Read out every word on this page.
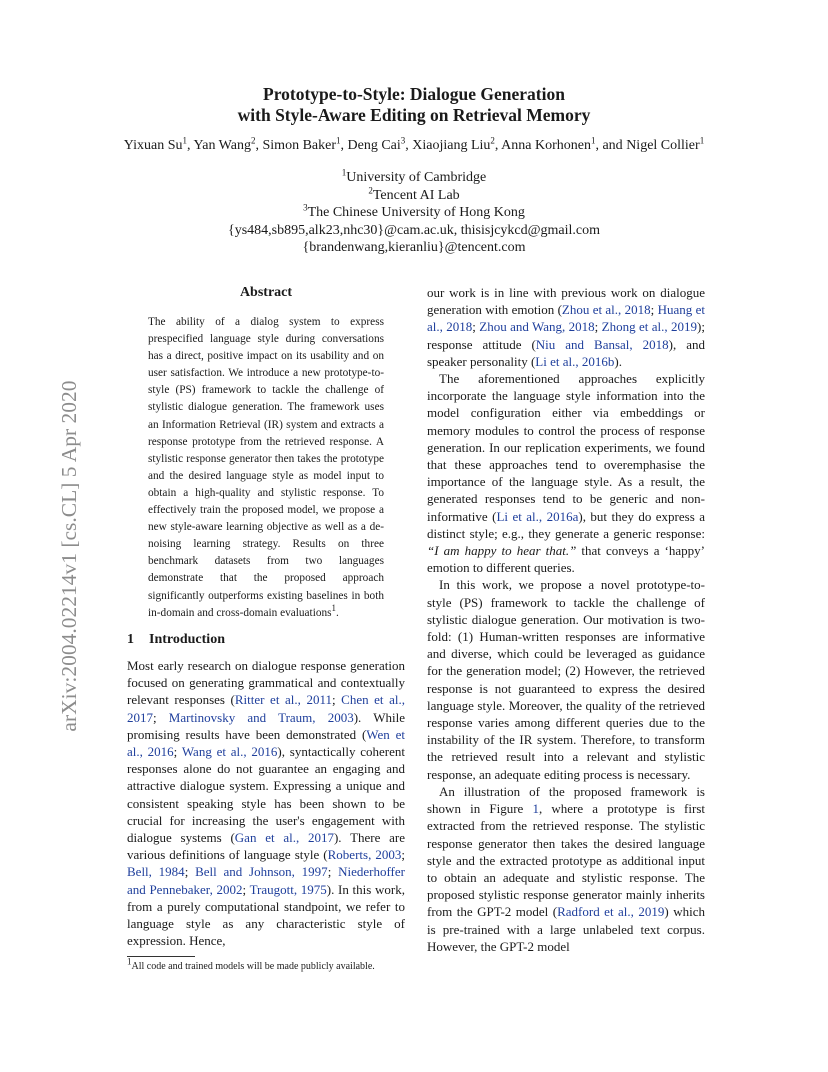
Prototype-to-Style: Dialogue Generation
with Style-Aware Editing on Retrieval Memory
Yixuan Su$^1$, Yan Wang$^2$, Simon Baker$^1$, Deng Cai$^3$, Xiaojiang Liu$^2$, Anna Korhonen$^1$, and Nigel Collier$^1$
$^1$University of Cambridge
$^2$Tencent AI Lab
$^3$The Chinese University of Hong Kong
{ys484,sb895,alk23,nhc30}@cam.ac.uk, thisisjcykcd@gmail.com
{brandenwang,kieranliu}@tencent.com
arXiv:2004.02214v1 [cs.CL] 5 Apr 2020
Abstract
The ability of a dialog system to express prespecified language style during conversations has a direct, positive impact on its usability and on user satisfaction. We introduce a new prototype-to-style (PS) framework to tackle the challenge of stylistic dialogue generation. The framework uses an Information Retrieval (IR) system and extracts a response prototype from the retrieved response. A stylistic response generator then takes the prototype and the desired language style as model input to obtain a high-quality and stylistic response. To effectively train the proposed model, we propose a new style-aware learning objective as well as a de-noising learning strategy. Results on three benchmark datasets from two languages demonstrate that the proposed approach significantly outperforms existing baselines in both in-domain and cross-domain evaluations$^1$.
1 Introduction

Most early research on dialogue response generation focused on generating grammatical and contextually relevant responses (Ritter et al., 2011; Chen et al., 2017; Martinovsky and Traum, 2003). While promising results have been demonstrated (Wen et al., 2016; Wang et al., 2016), syntactically coherent responses alone do not guarantee an engaging and attractive dialogue system. Expressing a unique and consistent speaking style has been shown to be crucial for increasing the user's engagement with dialogue systems (Gan et al., 2017). There are various definitions of language style (Roberts, 2003; Bell, 1984; Bell and Johnson, 1997; Niederhoffer and Pennebaker, 2002; Traugott, 1975). In this work, from a purely computational standpoint, we refer to language style as any characteristic style of expression. Hence,

our work is in line with previous work on dialogue generation with emotion (Zhou et al., 2018; Huang et al., 2018; Zhou and Wang, 2018; Zhong et al., 2019); response attitude (Niu and Bansal, 2018), and speaker personality (Li et al., 2016b).

The aforementioned approaches explicitly incorporate the language style information into the model configuration either via embeddings or memory modules to control the process of response generation. In our replication experiments, we found that these approaches tend to overemphasise the importance of the language style. As a result, the generated responses tend to be generic and non-informative (Li et al., 2016a), but they do express a distinct style; e.g., they generate a generic response: “I am happy to hear that.” that conveys a ‘happy’ emotion to different queries.

In this work, we propose a novel prototype-to-style (PS) framework to tackle the challenge of stylistic dialogue generation. Our motivation is two-fold: (1) Human-written responses are informative and diverse, which could be leveraged as guidance for the generation model; (2) However, the retrieved response is not guaranteed to express the desired language style. Moreover, the quality of the retrieved response varies among different queries due to the instability of the IR system. Therefore, to transform the retrieved result into a relevant and stylistic response, an adequate editing process is necessary.

An illustration of the proposed framework is shown in Figure 1, where a prototype is first extracted from the retrieved response. The stylistic response generator then takes the desired language style and the extracted prototype as additional input to obtain an adequate and stylistic response. The proposed stylistic response generator mainly inherits from the GPT-2 model (Radford et al., 2019) which is pre-trained with a large unlabeled text corpus. However, the GPT-2 model

$^1$All code and trained models will be made publicly available.
